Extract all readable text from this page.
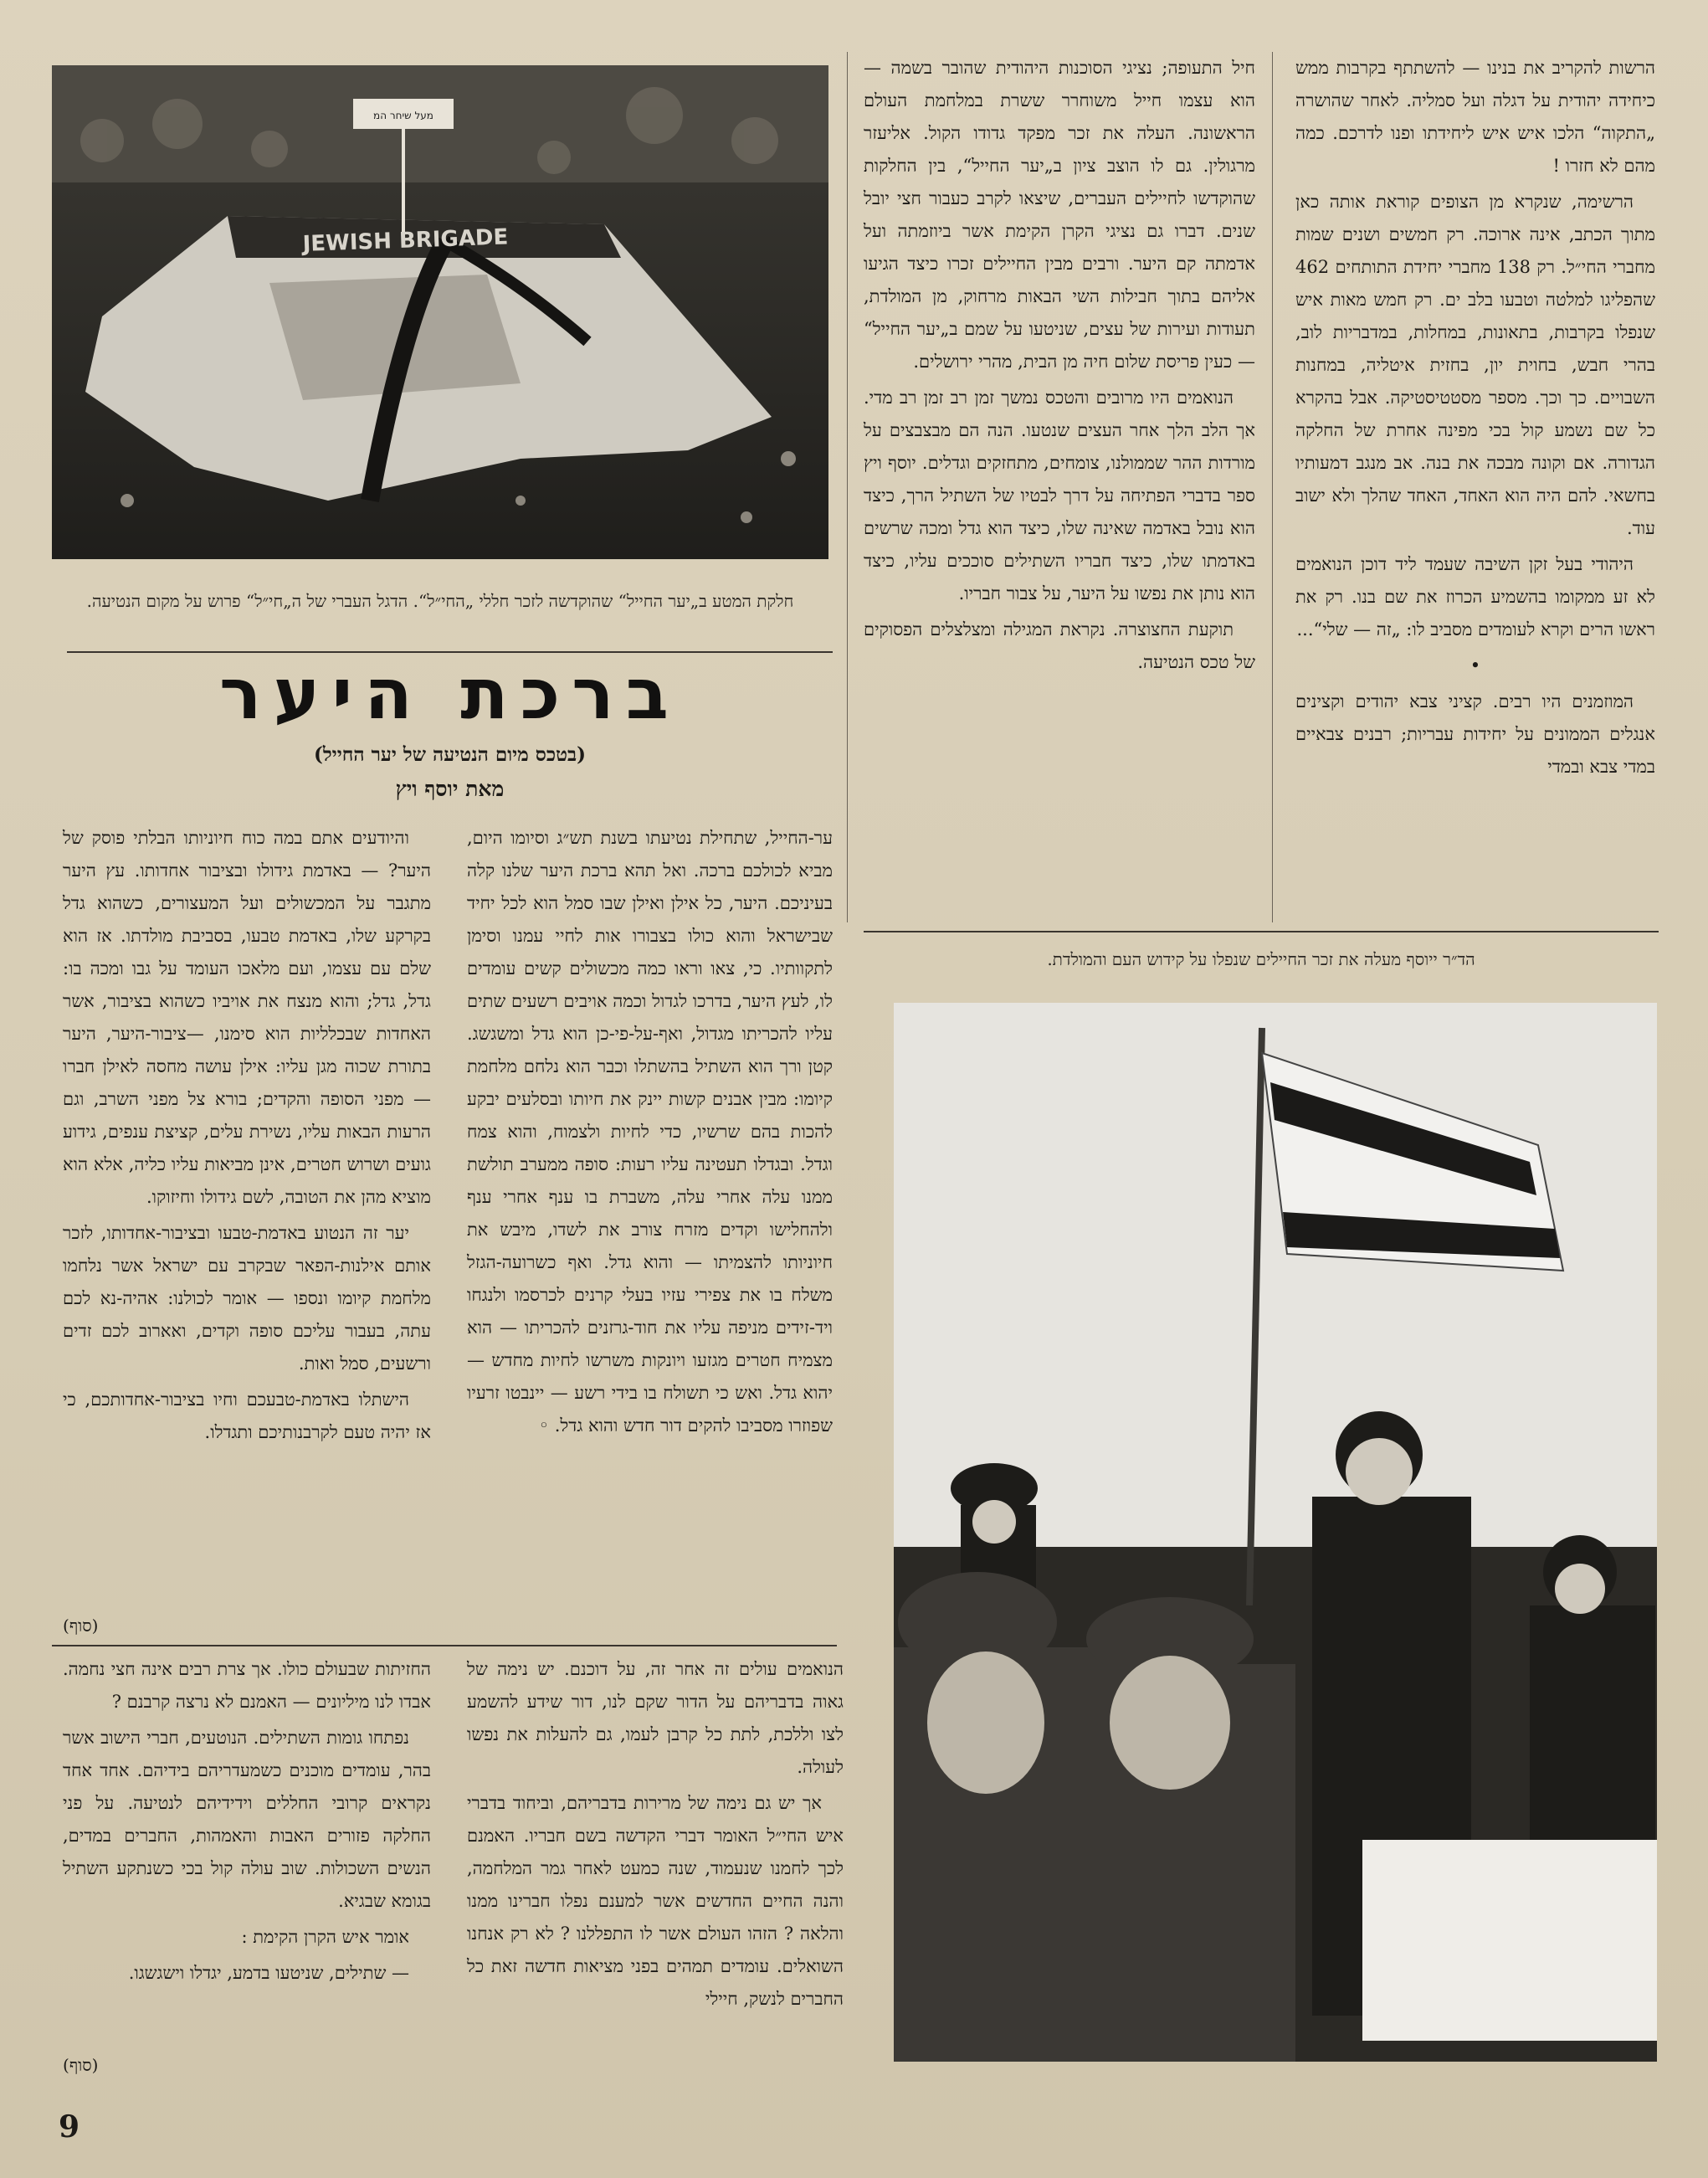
מעל שיחר המ
JEWISH BRIGADE
חלקת המטע ב„יער החייל“ שהוקדשה לזכר חללי „החי״ל“. הדגל העברי של ה„חי״ל“ פרוש על מקום הנטיעה.
ברכת היער
(בטכס מיום הנטיעה של יער החייל)
מאת יוסף ויץ

ער-החייל, שתחילת נטיעתו בשנת תש״ג וסיומו היום, מביא לכולכם ברכה. ואל תהא ברכת היער שלנו קלה בעיניכם. היער, כל אילן ואילן שבו סמל הוא לכל יחיד שבישראל והוא כולו בצבורו אות לחיי עמנו וסימן לתקוותיו. כי, צאו וראו כמה מכשולים קשים עומדים לו, לעץ היער, בדרכו לגדול וכמה אויבים רשעים שתים עליו להכריתו מגדול, ואף-על-פי-כן הוא גדל ומשגשג. קטן ורך הוא השתיל בהשתלו וכבר הוא נלחם מלחמת קיומו: מבין אבנים קשות יינק את חיותו ובסלעים יבקע להכות בהם שרשיו, כדי לחיות ולצמוח, והוא צמח וגדל. ובגדלו תעטינה עליו רעות: סופה ממערב תולשת ממנו עלה אחרי עלה, משברת בו ענף אחרי ענף ולהחלישו וקדים מזרח צורב את לשדו, מיבש את חיוניותו להצמיתו — והוא גדל. ואף כשרועה-הגזל משלח בו את צפירי עזיו בעלי קרנים לכרסמו ולנגחו ויד-זידים מניפה עליו את חוד-גרזנים להכריתו — הוא מצמיח חטרים מגזעו ויונקות משרשו לחיות מחדש — יהוא גדל. ואש כי תשולח בו בידי רשע — יינבטו זרעיו שפוזרו מסביבו להקים דור חדש והוא גדל. ◦

והיודעים אתם במה כוח חיוניותו הבלתי פוסק של היער? — באדמת גידולו ובציבור אחדותו. עץ היער מתגבר על המכשולים ועל המעצורים, כשהוא גדל בקרקע שלו, באדמת טבעו, בסביבת מולדתו. אז הוא שלם עם עצמו, ועם מלאכו העומד על גבו ומכה בו: גדל, גדל; והוא מנצח את אויביו כשהוא בציבור, אשר האחדות שבכלליות הוא סימנו, —ציבור-היער, היער בתורת שכוה מגן עליו: אילן עושה מחסה לאילן חברו — מפני הסופה והקדים; בורא צל מפני השרב, וגם הרעות הבאות עליו, נשירת עלים, קציצת ענפים, גידוע גועים ושרוש חטרים, אינן מביאות עליו כליה, אלא הוא מוציא מהן את הטובה, לשם גידולו וחיזוקו.

יער זה הנטוע באדמת-טבעו ובציבור-אחדותו, לזכר אותם אילנות-הפאר שבקרב עם ישראל אשר נלחמו מלחמת קיומו ונספו — אומר לכולנו: אהיה-נא לכם עתה, בעבור עליכם סופה וקדים, ואארוב לכם זדים ורשעים, סמל ואות.

הישתלו באדמת-טבעכם וחיו בציבור-אחדותכם, כי אז יהיה טעם לקרבנותיכם ותגדלו.

(סוף)

הרשות להקריב את בנינו — להשתתף בקרבות ממש כיחידה יהודית על דגלה ועל סמליה. לאחר שהושרה „התקוה“ הלכו איש איש ליחידתו ופנו לדרכם. כמה מהם לא חזרו !

הרשימה, שנקרא מן הצופים קוראת אותה כאן מתוך הכתב, אינה ארוכה. רק חמשים ושנים שמות מחברי החי״ל. רק 138 מחברי יחידת התותחים 462 שהפליגו למלטה וטבעו בלב ים. רק חמש מאות איש שנפלו בקרבות, בתאונות, במחלות, במדבריות לוב, בהרי חבש, בחוית יון, בחזית איטליה, במחנות השבויים. כך וכך. מספר מסטטיסטיקה. אבל בהקרא כל שם נשמע קול בכי מפינה אחרת של החלקה הגדורה. אם וקונה מבכה את בנה. אב מנגב דמעותיו בחשאי. להם היה הוא האחד, האחד שהלך ולא ישוב עוד.

היהודי בעל זקן השיבה שעמד ליד דוכן הנואמים לא זע ממקומו בהשמיע הכרוז את שם בנו. רק את ראשו הרים וקרא לעומדים מסביב לו: „זה — שלי“...

•

המוזמנים היו רבים. קציני צבא יהודים וקצינים אנגלים הממונים על יחידות עבריות; רבנים צבאיים במדי צבא ובמדי

חיל התעופה; נציגי הסוכנות היהודית שהובר בשמה — הוא עצמו חייל משוחרר ששרת במלחמת העולם הראשונה. העלה את זכר מפקד גדודו הקול. אליעזר מרגולין. גם לו הוצב ציון ב„יער החייל“, בין החלקות שהוקדשו לחיילים העברים, שיצאו לקרב כעבור חצי יובל שנים. דברו גם נציגי הקרן הקימת אשר ביוזמתה ועל אדמתה קם היער. ורבים מבין החיילים זכרו כיצד הגיעו אליהם בתוך חבילות השי הבאות מרחוק, מן המולדת, תעודות ועירות של עצים, שניטעו על שמם ב„יער החייל“ — כעין פריסת שלום חיה מן הבית, מהרי ירושלים.

הנואמים היו מרובים והטכס נמשך זמן רב זמן רב מדי. אך הלב הלך אחר העצים שנטעו. הנה הם מבצבצים על מורדות ההר שממולנו, צומחים, מתחזקים וגדלים. יוסף ויץ ספר בדברי הפתיחה על דרך לבטיו של השתיל הרך, כיצד הוא נובל באדמה שאינה שלו, כיצד הוא גדל ומכה שרשים באדמתו שלו, כיצד חבריו השתילים סוככים עליו, כיצד הוא נותן את נפשו על היער, על צבור חבריו.

תוקעת החצוצרה. נקראת המגילה ומצלצלים הפסוקים של טכס הנטיעה.

הד״ר ייוסף מעלה את זכר החיילים שנפלו על קידוש העם והמולדת.

הנואמים עולים זה אחר זה, על דוכנם. יש נימה של גאוה בדבריהם על הדור שקם לנו, דור שידע להשמע לצו וללכת, לתת כל קרבן לעמו, גם להעלות את נפשו לעולה.

אך יש גם נימה של מרירות בדבריהם, וביחוד בדברי איש החי״ל האומר דברי הקדשה בשם חבריו. האמנם לכך לחמנו שנעמוד, שנה כמעט לאחר גמר המלחמה, והנה החיים החדשים אשר למענם נפלו חברינו ממנו והלאה ? הזהו העולם אשר לו התפללנו ? לא רק אנחנו השואלים. עומדים תמהים בפני מציאות חדשה זאת כל החברים לנשק, חיילי

החזיתות שבעולם כולו. אך צרת רבים אינה חצי נחמה. אבדו לנו מיליונים — האמנם לא נרצה קרבנם ?

נפתחו גומות השתילים. הנוטעים, חברי הישוב אשר בהר, עומדים מוכנים כשמעדריהם בידיהם. אחד אחד נקראים קרובי החללים וידידיהם לנטיעה. על פני החלקה פזורים האבות והאמהות, החברים במדים, הנשים השכולות. שוב עולה קול בכי כשנתקע השתיל בגומא שבגיא.

אומר איש הקרן הקימת :

— שתילים, שניטעו בדמע, יגדלו וישגשגו.

(סוף)
9
